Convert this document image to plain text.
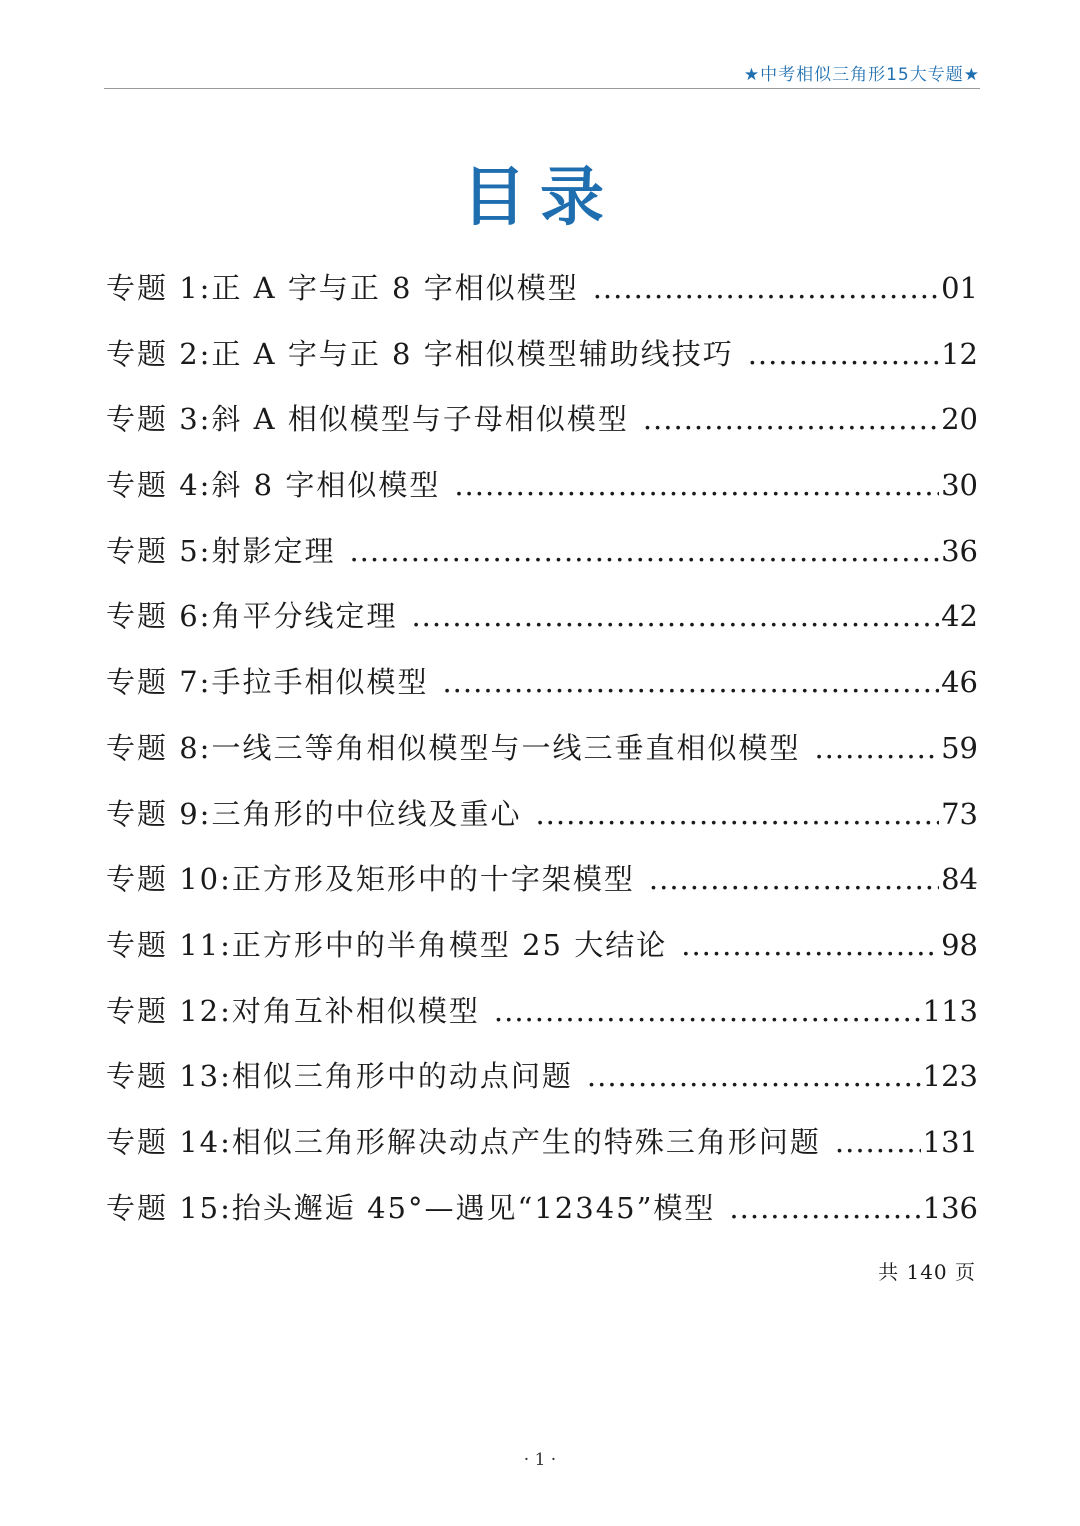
★中考相似三角形15大专题★
目录
专题 1:正 A 字与正 8 字相似模型 .....	01
专题 2:正 A 字与正 8 字相似模型辅助线技巧 .....	12
专题 3:斜 A 相似模型与子母相似模型 .....	20
专题 4:斜 8 字相似模型 .....	30
专题 5:射影定理 .....	36
专题 6:角平分线定理 .....	42
专题 7:手拉手相似模型 .....	46
专题 8:一线三等角相似模型与一线三垂直相似模型 .....	59
专题 9:三角形的中位线及重心 .....	73
专题 10:正方形及矩形中的十字架模型 .....	84
专题 11:正方形中的半角模型 25 大结论 .....	98
专题 12:对角互补相似模型 .....	113
专题 13:相似三角形中的动点问题 .....	123
专题 14:相似三角形解决动点产生的特殊三角形问题 .....	131
专题 15:抬头邂逅 45°—遇见“12345”模型 .....	136
共 140 页
· 1 ·
